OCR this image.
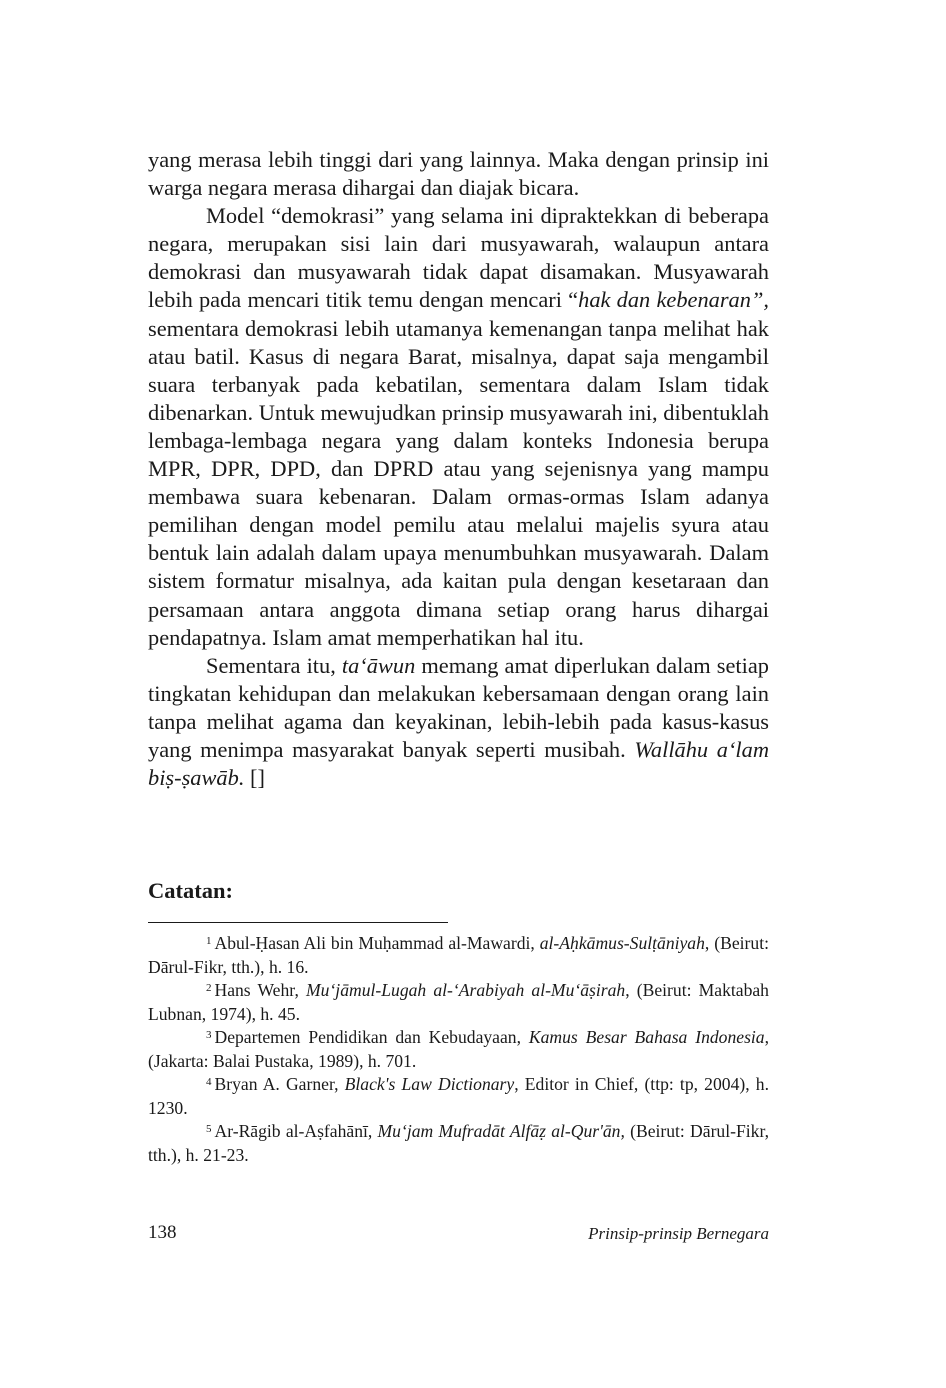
yang merasa lebih tinggi dari yang lainnya. Maka dengan prinsip ini warga negara merasa dihargai dan diajak bicara.

Model “demokrasi” yang selama ini dipraktekkan di beberapa negara, merupakan sisi lain dari musyawarah, walaupun antara demokrasi dan musyawarah tidak dapat disamakan. Musyawarah lebih pada mencari titik temu dengan mencari “hak dan kebenaran”, sementara demokrasi lebih utamanya kemenangan tanpa melihat hak atau batil. Kasus di negara Barat, misalnya, dapat saja mengambil suara terbanyak pada kebatilan, sementara dalam Islam tidak dibenarkan. Untuk mewujudkan prinsip musyawarah ini, dibentuklah lembaga-lembaga negara yang dalam konteks Indonesia berupa MPR, DPR, DPD, dan DPRD atau yang sejenisnya yang mampu membawa suara kebenaran. Dalam ormas-ormas Islam adanya pemilihan dengan model pemilu atau melalui majelis syura atau bentuk lain adalah dalam upaya menumbuhkan musyawarah. Dalam sistem formatur misalnya, ada kaitan pula dengan kesetaraan dan persamaan antara anggota dimana setiap orang harus dihargai pendapatnya. Islam amat memperhatikan hal itu.

Sementara itu, ta‘āwun memang amat diperlukan dalam setiap tingkatan kehidupan dan melakukan kebersamaan dengan orang lain tanpa melihat agama dan keyakinan, lebih-lebih pada kasus-kasus yang menimpa masyarakat banyak seperti musibah. Wallāhu a‘lam biṣ-ṣawāb. []

Catatan:

$^1$ Abul-Ḥasan Ali bin Muḥammad al-Mawardi, al-Aḥkāmus-Sulṭāniyah, (Beirut: Dārul-Fikr, tth.), h. 16.

$^2$ Hans Wehr, Mu‘jāmul-Lugah al-‘Arabiyah al-Mu‘āṣirah, (Beirut: Maktabah Lubnan, 1974), h. 45.

$^3$ Departemen Pendidikan dan Kebudayaan, Kamus Besar Bahasa Indonesia, (Jakarta: Balai Pustaka, 1989), h. 701.

$^4$ Bryan A. Garner, Black's Law Dictionary, Editor in Chief, (ttp: tp, 2004), h. 1230.

$^5$ Ar-Rāgib al-Aṣfahānī, Mu‘jam Mufradāt Alfāẓ al-Qur'ān, (Beirut: Dārul-Fikr, tth.), h. 21-23.

138	Prinsip-prinsip Bernegara
